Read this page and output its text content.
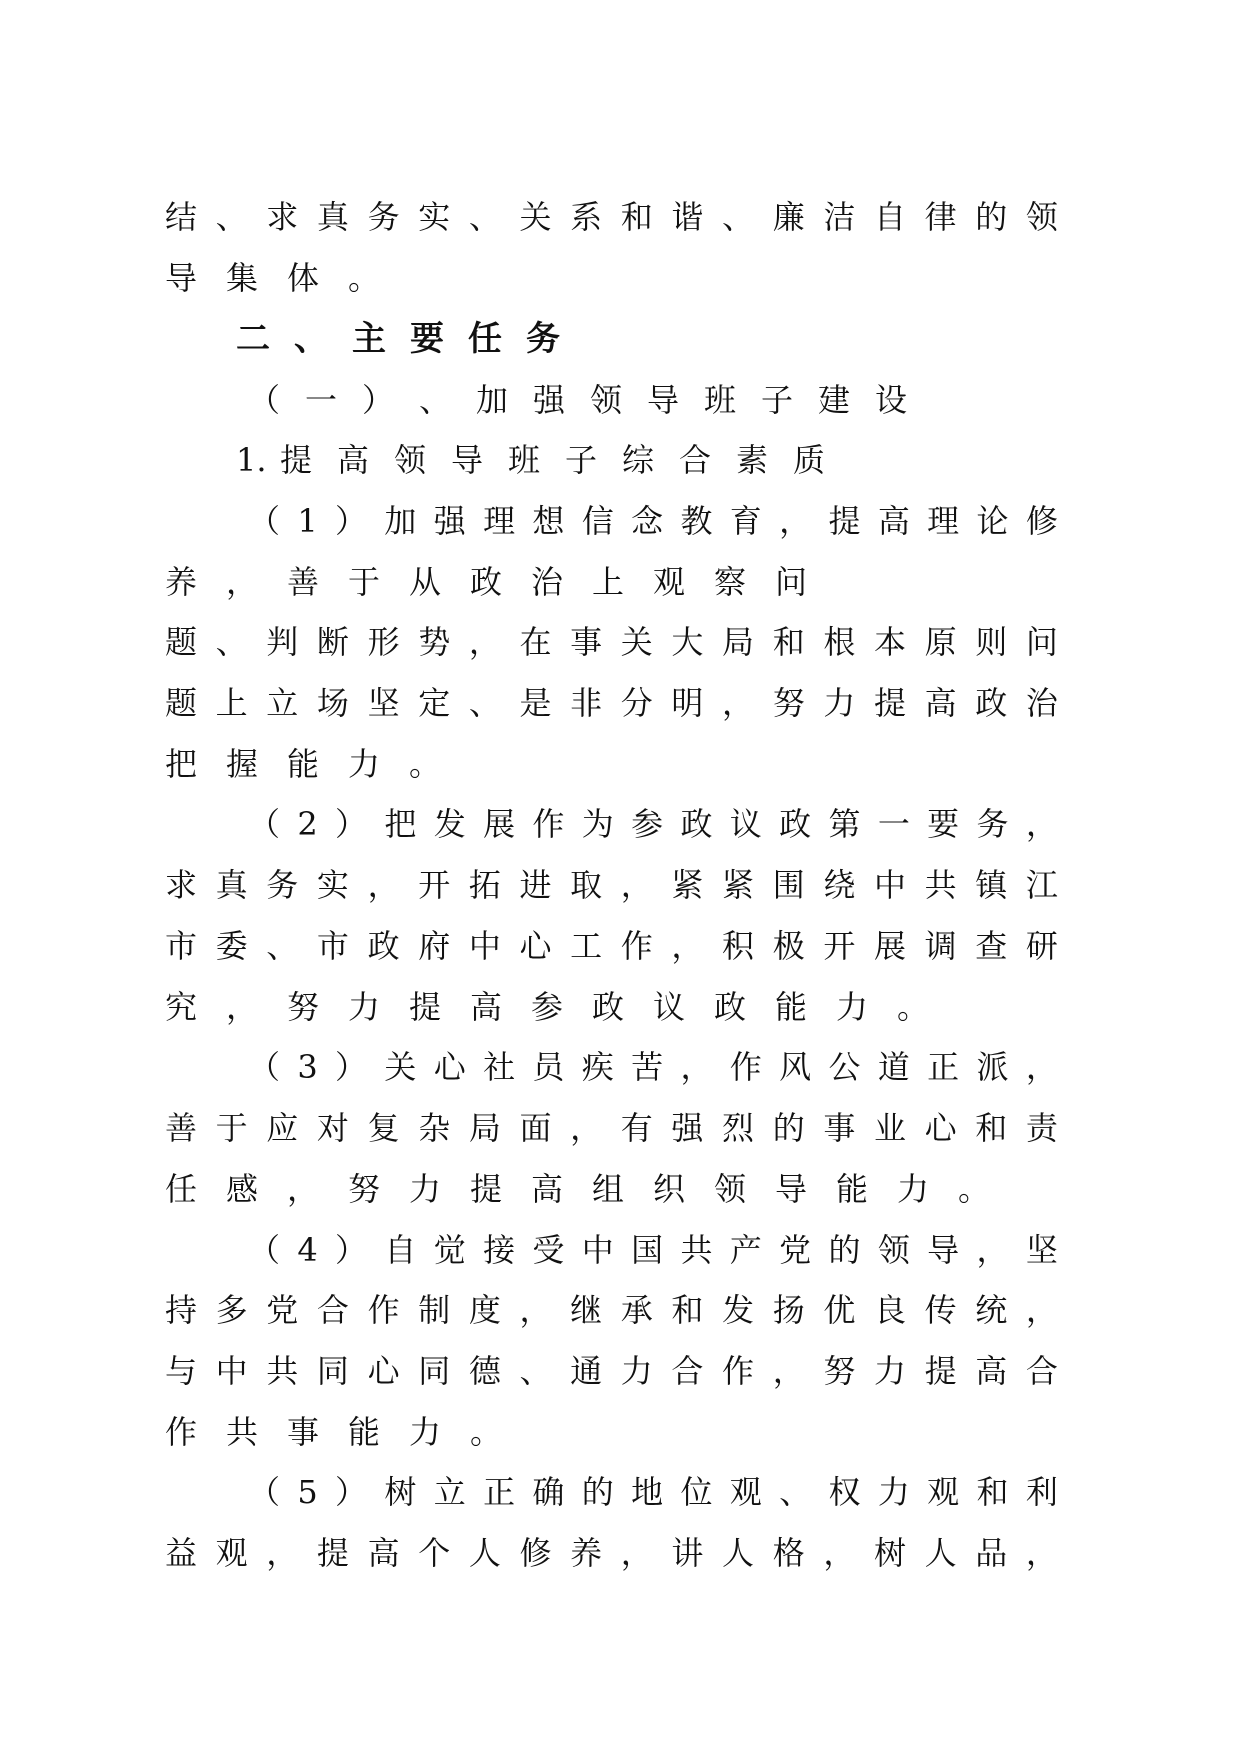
结 、 求 真 务 实 、 关 系 和 谐 、 廉 洁 自 律 的 领
导 集 体 。
二 、 主 要 任 务
（ 一 ） 、 加 强 领 导 班 子 建 设
1. 提 高 领 导 班 子 综 合 素 质
（ 1 ） 加 强 理 想 信 念 教 育 ， 提 高 理 论 修
养 ， 善 于 从 政 治 上 观 察 问
题 、 判 断 形 势 ， 在 事 关 大 局 和 根 本 原 则 问
题 上 立 场 坚 定 、 是 非 分 明 ， 努 力 提 高 政 治
把 握 能 力 。
（ 2 ） 把 发 展 作 为 参 政 议 政 第 一 要 务 ，
求 真 务 实 ， 开 拓 进 取 ， 紧 紧 围 绕 中 共 镇 江
市 委 、 市 政 府 中 心 工 作 ， 积 极 开 展 调 查 研
究 ， 努 力 提 高 参 政 议 政 能 力 。
（ 3 ） 关 心 社 员 疾 苦 ， 作 风 公 道 正 派 ，
善 于 应 对 复 杂 局 面 ， 有 强 烈 的 事 业 心 和 责
任 感 ， 努 力 提 高 组 织 领 导 能 力 。
（ 4 ） 自 觉 接 受 中 国 共 产 党 的 领 导 ， 坚
持 多 党 合 作 制 度 ， 继 承 和 发 扬 优 良 传 统 ，
与 中 共 同 心 同 德 、 通 力 合 作 ， 努 力 提 高 合
作 共 事 能 力 。
（ 5 ） 树 立 正 确 的 地 位 观 、 权 力 观 和 利
益 观 ， 提 高 个 人 修 养 ， 讲 人 格 ， 树 人 品 ，
